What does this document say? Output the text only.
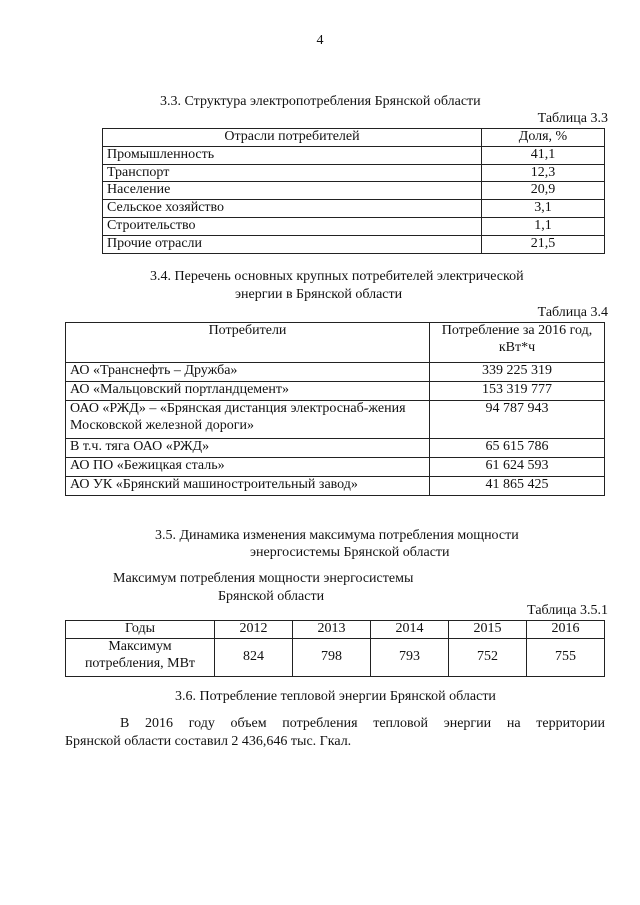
4
3.3. Структура электропотребления Брянской области
Таблица 3.3
Отрасли потребителей	Доля, %
Промышленность	41,1
Транспорт	12,3
Население	20,9
Сельское хозяйство	3,1
Строительство	1,1
Прочие отрасли	21,5
3.4. Перечень основных крупных потребителей электрической
энергии в Брянской области
Таблица 3.4
Потребители	Потребление за 2016 год, кВт*ч
АО «Транснефть – Дружба»	339 225 319
АО «Мальцовский портландцемент»	153 319 777
ОАО «РЖД» – «Брянская дистанция электроснаб-жения Московской железной дороги»	94 787 943
В т.ч. тяга ОАО «РЖД»	65 615 786
АО ПО «Бежицкая сталь»	61 624 593
АО УК «Брянский машиностроительный завод»	41 865 425
3.5. Динамика изменения максимума потребления мощности
энергосистемы Брянской области
Максимум потребления мощности энергосистемы
Брянской области
Таблица 3.5.1
Годы	2012	2013	2014	2015	2016
Максимум потребления, МВт	824	798	793	752	755
3.6. Потребление тепловой энергии Брянской области
В 2016 году объем потребления тепловой энергии на территории
Брянской области составил 2 436,646 тыс. Гкал.
